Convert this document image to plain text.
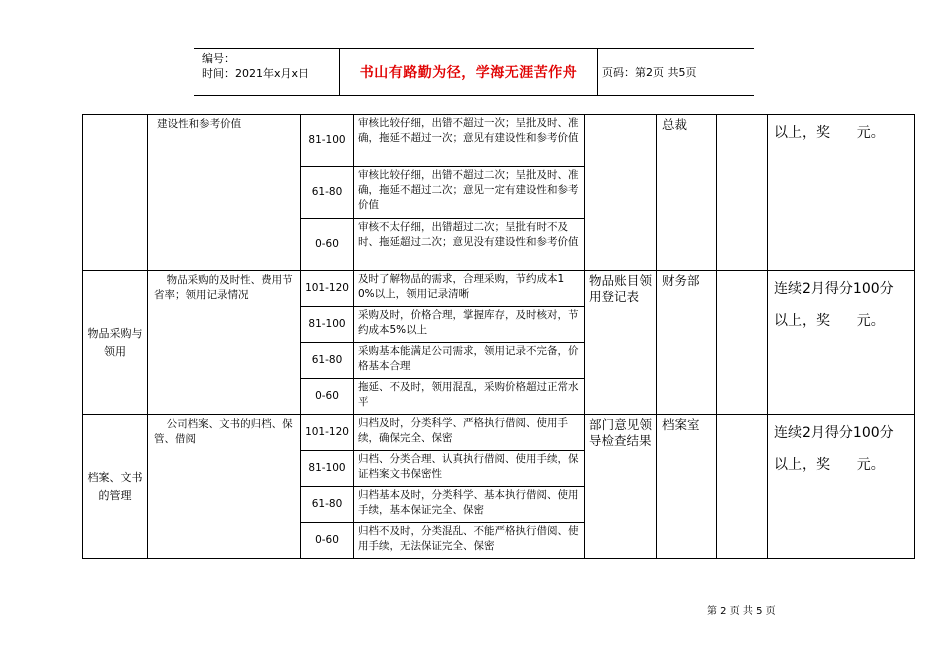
编号：
时间：2021年x月x日	书山有路勤为径，学海无涯苦作舟	页码：第2页 共5页
	建设性和参考价值	81-100	审核比较仔细，出错不超过一次；呈批及时、准确，拖延不超过一次；意见有建设性和参考价值		总裁		以上，奖      元。

		61-80	审核比较仔细，出错不超过二次；呈批及时、准确，拖延不超过二次；意见一定有建设性和参考价值				
		0-60	审核不太仔细，出错超过二次；呈批有时不及时、拖延超过二次；意见没有建设性和参考价值				
物品采购与领用	物品采购的及时性、费用节省率；领用记录情况	101-120	及时了解物品的需求，合理采购，节约成本10%以上，领用记录清晰	物品账目领用登记表	财务部		连续2月得分100分
以上，奖      元。

		81-100	采购及时，价格合理，掌握库存，及时核对，节约成本5%以上				
		61-80	采购基本能满足公司需求，领用记录不完备，价格基本合理				
		0-60	拖延、不及时，领用混乱，采购价格超过正常水平				
档案、文书的管理	公司档案、文书的归档、保管、借阅	101-120	归档及时，分类科学、严格执行借阅、使用手续，确保完全、保密	部门意见领导检查结果	档案室		连续2月得分100分
以上，奖      元。

		81-100	归档、分类合理、认真执行借阅、使用手续，保证档案文书保密性				
		61-80	归档基本及时，分类科学、基本执行借阅、使用手续，基本保证完全、保密				
		0-60	归档不及时，分类混乱、不能严格执行借阅、使用手续，无法保证完全、保密				
第 2 页 共 5 页
